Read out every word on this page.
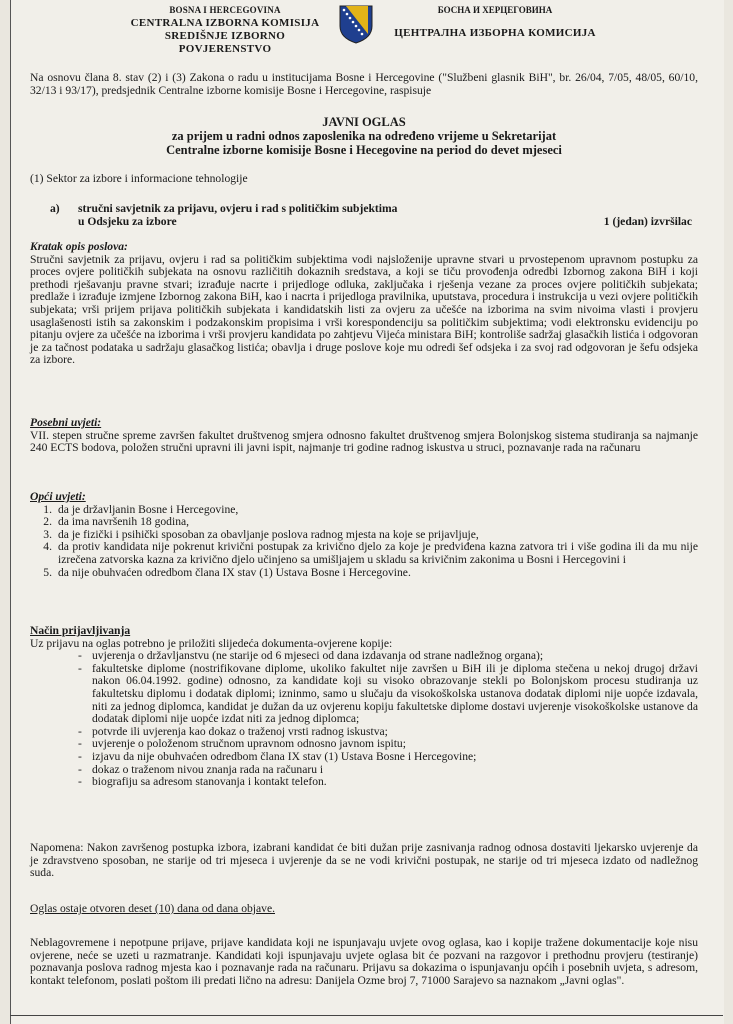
BOSNA I HERCEGOVINA
CENTRALNA IZBORNA KOMISIJA
SREDIŠNJE IZBORNO POVJERENSTVO
БОСНА И ХЕРЦЕГОВИНА
ЦЕНТРАЛНА ИЗБОРНА КОМИСИЈА
Na osnovu člana 8. stav (2) i (3) Zakona o radu u institucijama Bosne i Hercegovine ("Službeni glasnik BiH", br. 26/04, 7/05, 48/05, 60/10, 32/13 i 93/17), predsjednik Centralne izborne komisije Bosne i Hercegovine, raspisuje
JAVNI OGLAS
za prijem u radni odnos zaposlenika na određeno vrijeme u Sekretarijat
Centralne izborne komisije Bosne i Hecegovine na period do devet mjeseci
(1) Sektor za izbore i informacione tehnologije
a) stručni savjetnik za prijavu, ovjeru i rad s političkim subjektima
u Odsjeku za izbore	1 (jedan) izvršilac
Kratak opis poslova:
Stručni savjetnik za prijavu, ovjeru i rad sa političkim subjektima vodi najsloženije upravne stvari u prvostepenom upravnom postupku za proces ovjere političkih subjekata na osnovu različitih dokaznih sredstava, a koji se tiču provođenja odredbi Izbornog zakona BiH i koji prethodi rješavanju pravne stvari; izrađuje nacrte i prijedloge odluka, zaključaka i rješenja vezane za proces ovjere političkih subjekata; predlaže i izrađuje izmjene Izbornog zakona BiH, kao i nacrta i prijedloga pravilnika, uputstava, procedura i instrukcija u vezi ovjere političkih subjekata; vrši prijem prijava političkih subjekata i kandidatskih listi za ovjeru za učešće na izborima na svim nivoima vlasti i provjeru usaglašenosti istih sa zakonskim i podzakonskim propisima i vrši korespondenciju sa političkim subjektima; vodi elektronsku evidenciju po pitanju ovjere za učešće na izborima i vrši provjeru kandidata po zahtjevu Vijeća ministara BiH; kontroliše sadržaj glasačkih listića i odgovoran je za tačnost podataka u sadržaju glasačkog listića; obavlja i druge poslove koje mu odredi šef odsjeka i za svoj rad odgovoran je šefu odsjeka za izbore.
Posebni uvjeti:
VII. stepen stručne spreme završen fakultet društvenog smjera odnosno fakultet društvenog smjera Bolonjskog sistema studiranja sa najmanje 240 ECTS bodova, položen stručni upravni ili javni ispit, najmanje tri godine radnog iskustva u struci, poznavanje rada na računaru
Opći uvjeti:
1. da je državljanin Bosne i Hercegovine,
2. da ima navršenih 18 godina,
3. da je fizički i psihički sposoban za obavljanje poslova radnog mjesta na koje se prijavljuje,
4. da protiv kandidata nije pokrenut krivični postupak za krivično djelo za koje je predviđena kazna zatvora tri i više godina ili da mu nije izrečena zatvorska kazna za krivično djelo učinjeno sa umišljajem u skladu sa krivičnim zakonima u Bosni i Hercegovini i
5. da nije obuhvaćen odredbom člana IX stav (1) Ustava Bosne i Hercegovine.
Način prijavljivanja
Uz prijavu na oglas potrebno je priložiti slijedeća dokumenta-ovjerene kopije:
- uvjerenja o državljanstvu (ne starije od 6 mjeseci od dana izdavanja od strane nadležnog organa);
- fakultetske diplome (nostrifikovane diplome, ukoliko fakultet nije završen u BiH ili je diploma stečena u nekoj drugoj državi nakon 06.04.1992. godine) odnosno, za kandidate koji su visoko obrazovanje stekli po Bolonjskom procesu studiranja uz fakultetsku diplomu i dodatak diplomi; izninmo, samo u slučaju da visokoškolska ustanova dodatak diplomi nije uopće izdavala, niti za jednog diplomca, kandidat je dužan da uz ovjerenu kopiju fakultetske diplome dostavi uvjerenje visokoškolske ustanove da dodatak diplomi nije uopće izdat niti za jednog diplomca;
- potvrde ili uvjerenja kao dokaz o traženoj vrsti radnog iskustva;
- uvjerenje o položenom stručnom upravnom odnosno javnom ispitu;
- izjavu da nije obuhvaćen odredbom člana IX stav (1) Ustava Bosne i Hercegovine;
- dokaz o traženom nivou znanja rada na računaru i
- biografiju sa adresom stanovanja i kontakt telefon.
Napomena: Nakon završenog postupka izbora, izabrani kandidat će biti dužan prije zasnivanja radnog odnosa dostaviti ljekarsko uvjerenje da je zdravstveno sposoban, ne starije od tri mjeseca i uvjerenje da se ne vodi krivični postupak, ne starije od tri mjeseca izdato od nadležnog suda.
Oglas ostaje otvoren deset (10) dana od dana objave.
Neblagovremene i nepotpune prijave, prijave kandidata koji ne ispunjavaju uvjete ovog oglasa, kao i kopije tražene dokumentacije koje nisu ovjerene, neće se uzeti u razmatranje. Kandidati koji ispunjavaju uvjete oglasa bit će pozvani na razgovor i prethodnu provjeru (testiranje) poznavanja poslova radnog mjesta kao i poznavanje rada na računaru. Prijavu sa dokazima o ispunjavanju općih i posebnih uvjeta, s adresom, kontakt telefonom, poslati poštom ili predati lično na adresu: Danijela Ozme broj 7, 71000 Sarajevo sa naznakom „Javni oglas".
